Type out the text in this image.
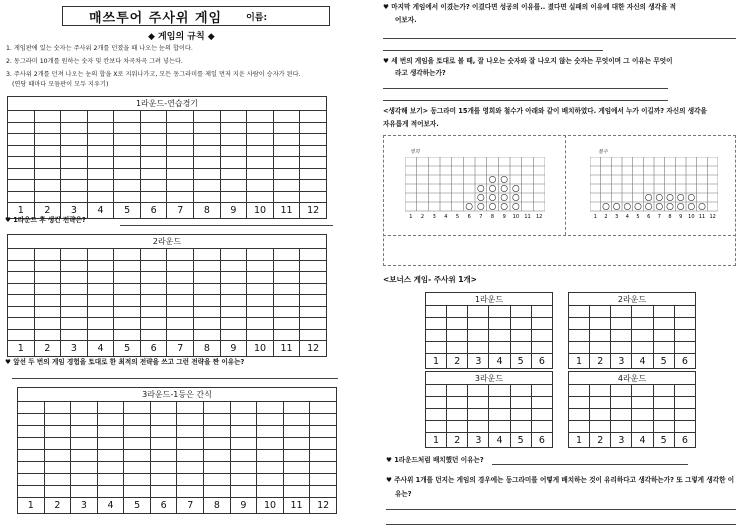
매쓰투어 주사위 게임	이름:
◆ 게임의 규칙 ◆
1. 게임판에 있는 숫자는 주사위 2개를 던졌을 때 나오는 눈의 합이다.
2. 동그라미 10개를 원하는 숫자 및 칸보다 차곡차곡 그려 넣는다.
3. 주사위 2개를 던져 나오는 눈의 합을 X로 지워나가고, 모든 동그라미를 제일 먼저 지운 사람이 승자가 된다.
(연당 때마다 모듬판이 모두 지우기)
1라운드-연습경기											

1	2	3	4	5	6	7	8	9	10	11	12
♥ 1라운드 후 생긴 전략은?
2라운드											

1	2	3	4	5	6	7	8	9	10	11	12
♥ 앞선 두 번의 게임 경험을 토대로 한 최적의 전략을 쓰고 그런 전략을 짠 이유는?
3라운드-1등은 간식											

1	2	3	4	5	6	7	8	9	10	11	12
♥ 마지막 게임에서 이겼는가? 이겼다면 성공의 이유를.. 졌다면 실패의 이유에 대한 자신의 생각을 적
어보자.
♥ 세 번의 게임을 토대로 볼 때, 잘 나오는 숫자와 잘 나오지 않는 숫자는 무엇이며 그 이유는 무엇이
라고 생각하는가?
<생각해 보기> 동그라미 15개를 영희와 철수가 아래와 같이 배치하였다. 게임에서 누가 이길까? 자신의 생각을
자유롭게 적어보자.
영희	철수
1 2 3 4 5 6 7 8 9 10 11 12	1 2 3 4 5 6 7 8 9 10 11 12
<보너스 게임- 주사위 1개>
1라운드					

1	2	3	4	5	6
2라운드					

1	2	3	4	5	6
3라운드					

1	2	3	4	5	6
4라운드					

1	2	3	4	5	6
♥ 1라운드처럼 배치했던 이유는?
♥ 주사위 1개를 던지는 게임의 경우에는 동그라미를 어떻게 배치하는 것이 유리하다고 생각하는가? 또 그렇게 생각한 이
유는?
